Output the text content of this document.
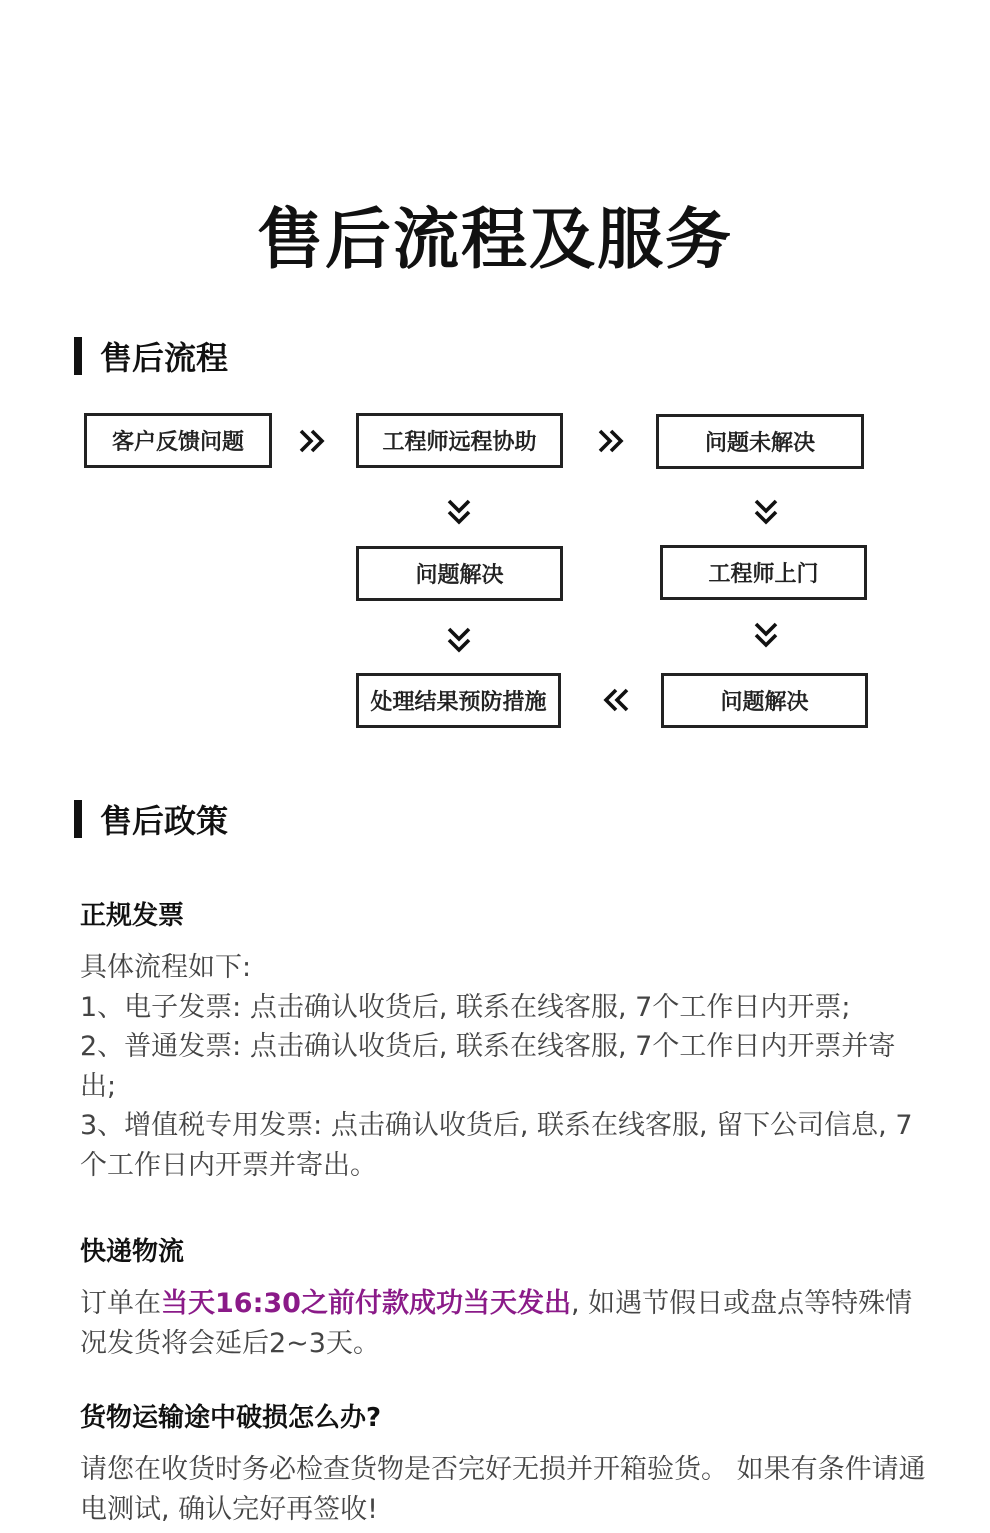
售后流程及服务
售后流程
客户反馈问题	工程师远程协助	问题未解决
问题解决	工程师上门
处理结果预防措施	问题解决
售后政策
正规发票

具体流程如下:

1、电子发票: 点击确认收货后, 联系在线客服, 7个工作日内开票;

2、普通发票: 点击确认收货后, 联系在线客服, 7个工作日内开票并寄出;

3、增值税专用发票: 点击确认收货后, 联系在线客服, 留下公司信息, 7个工作日内开票并寄出。

快递物流
订单在当天16:30之前付款成功当天发出, 如遇节假日或盘点等特殊情况发货将会延后2~3天。
货物运输途中破损怎么办?
请您在收货时务必检查货物是否完好无损并开箱验货。 如果有条件请通电测试, 确认完好再签收!
